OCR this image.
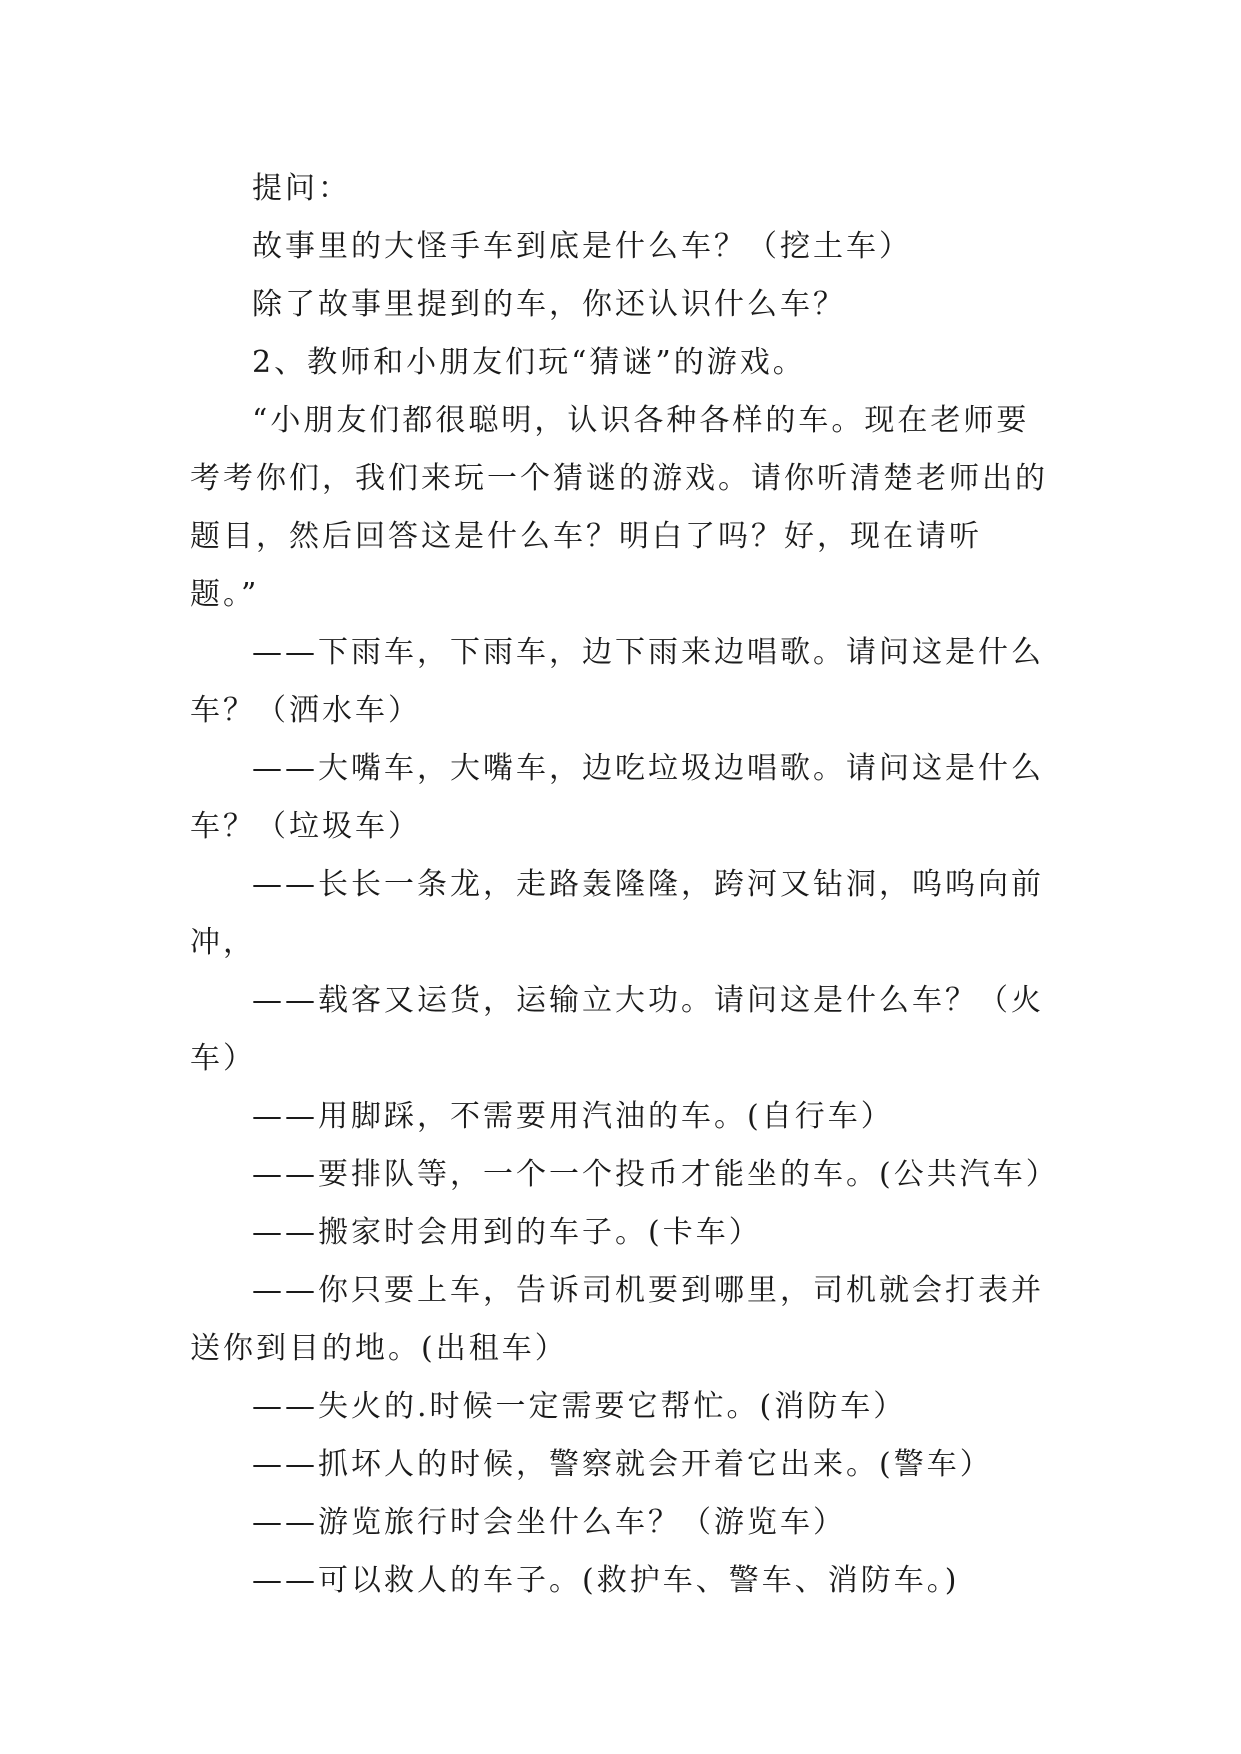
提问：

故事里的大怪手车到底是什么车？（挖土车）

除了故事里提到的车，你还认识什么车？

2、教师和小朋友们玩“猜谜”的游戏。

“小朋友们都很聪明，认识各种各样的车。现在老师要考考你们，我们来玩一个猜谜的游戏。请你听清楚老师出的题目，然后回答这是什么车？明白了吗？好，现在请听题。”

——下雨车，下雨车，边下雨来边唱歌。请问这是什么车？（洒水车）

——大嘴车，大嘴车，边吃垃圾边唱歌。请问这是什么车？（垃圾车）

——长长一条龙，走路轰隆隆，跨河又钻洞，呜呜向前冲，

——载客又运货，运输立大功。请问这是什么车？（火车）

——用脚踩，不需要用汽油的车。(自行车）

——要排队等，一个一个投币才能坐的车。(公共汽车）

——搬家时会用到的车子。(卡车）

——你只要上车，告诉司机要到哪里，司机就会打表并送你到目的地。(出租车）

——失火的.时候一定需要它帮忙。(消防车）

——抓坏人的时候，警察就会开着它出来。(警车）

——游览旅行时会坐什么车？（游览车）

——可以救人的车子。(救护车、警车、消防车。)
